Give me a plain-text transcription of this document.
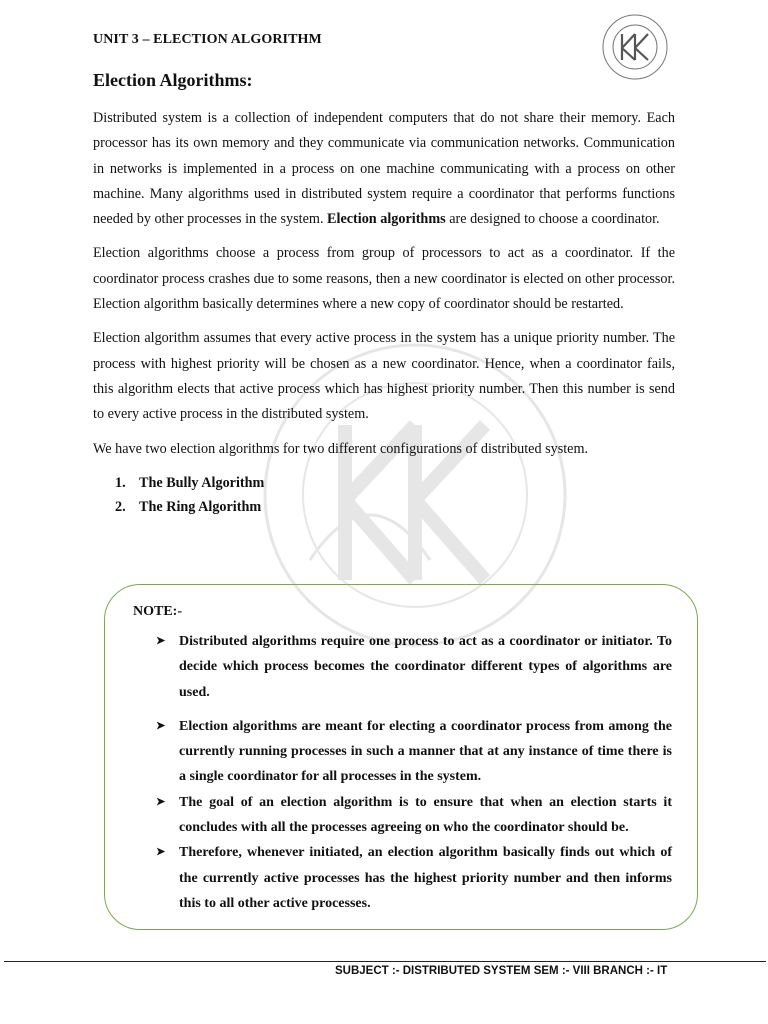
UNIT 3 – ELECTION ALGORITHM
Election Algorithms:

Distributed system is a collection of independent computers that do not share their memory. Each processor has its own memory and they communicate via communication networks. Communication in networks is implemented in a process on one machine communicating with a process on other machine. Many algorithms used in distributed system require a coordinator that performs functions needed by other processes in the system. Election algorithms are designed to choose a coordinator.

Election algorithms choose a process from group of processors to act as a coordinator. If the coordinator process crashes due to some reasons, then a new coordinator is elected on other processor. Election algorithm basically determines where a new copy of coordinator should be restarted.

Election algorithm assumes that every active process in the system has a unique priority number. The process with highest priority will be chosen as a new coordinator. Hence, when a coordinator fails, this algorithm elects that active process which has highest priority number. Then this number is send to every active process in the distributed system.

We have two election algorithms for two different configurations of distributed system.

1. The Bully Algorithm
2. The Ring Algorithm
NOTE:-
➤ Distributed algorithms require one process to act as a coordinator or initiator. To decide which process becomes the coordinator different types of algorithms are used.
➤ Election algorithms are meant for electing a coordinator process from among the currently running processes in such a manner that at any instance of time there is a single coordinator for all processes in the system.
➤ The goal of an election algorithm is to ensure that when an election starts it concludes with all the processes agreeing on who the coordinator should be.
➤ Therefore, whenever initiated, an election algorithm basically finds out which of the currently active processes has the highest priority number and then informs this to all other active processes.
SUBJECT :- DISTRIBUTED SYSTEM SEM :- VIII BRANCH :- IT
